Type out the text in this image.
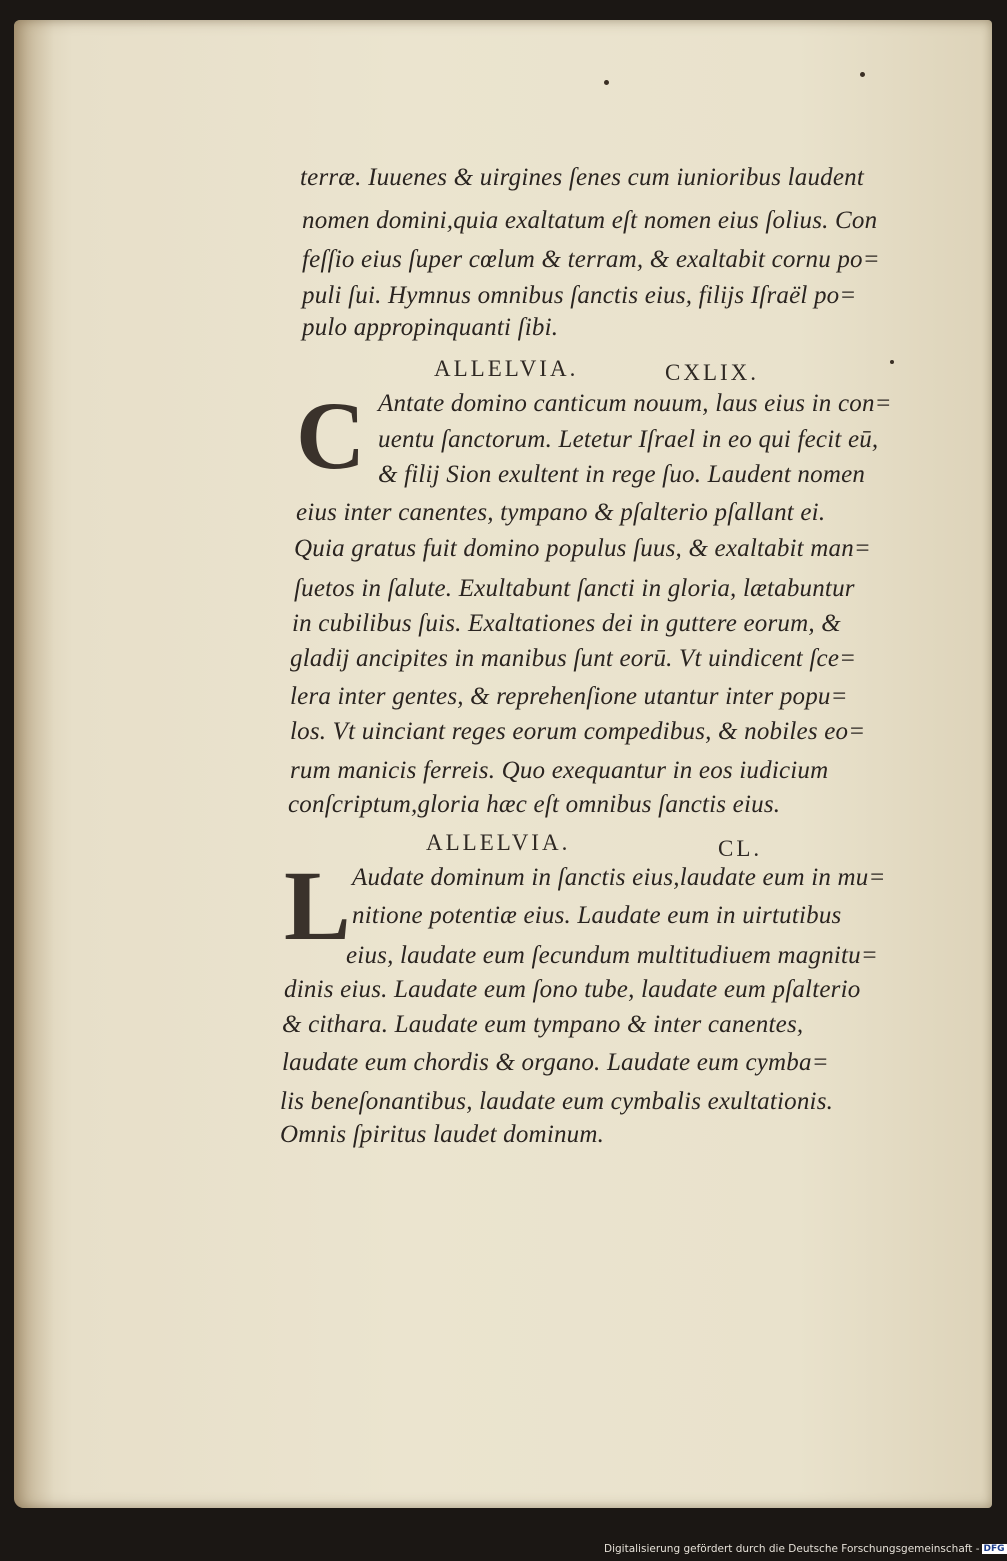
terræ. Iuuenes & uirgines ſenes cum iunioribus laudent
nomen domini,quia exaltatum eſt nomen eius ſolius. Con
feſſio eius ſuper cœlum & terram, & exaltabit cornu po=
puli ſui. Hymnus omnibus ſanctis eius, filijs Iſraël po=
pulo appropinquanti ſibi.
ALLELVIA.	CXLIX.
C Antate domino canticum nouum, laus eius in con=
uentu ſanctorum. Letetur Iſrael in eo qui fecit eū,
& filij Sion exultent in rege ſuo. Laudent nomen
eius inter canentes, tympano & pſalterio pſallant ei.
Quia gratus fuit domino populus ſuus, & exaltabit man=
ſuetos in ſalute. Exultabunt ſancti in gloria, lætabuntur
in cubilibus ſuis. Exaltationes dei in guttere eorum, &
gladij ancipites in manibus ſunt eorū. Vt uindicent ſce=
lera inter gentes, & reprehenſione utantur inter popu=
los. Vt uinciant reges eorum compedibus, & nobiles eo=
rum manicis ferreis. Quo exequantur in eos iudicium
conſcriptum,gloria hæc eſt omnibus ſanctis eius.
ALLELVIA.	CL.
L Audate dominum in ſanctis eius,laudate eum in mu=
nitione potentiæ eius. Laudate eum in uirtutibus
eius, laudate eum ſecundum multitudiuem magnitu=
dinis eius. Laudate eum ſono tube, laudate eum pſalterio
& cithara. Laudate eum tympano & inter canentes,
laudate eum chordis & organo. Laudate eum cymba=
lis beneſonantibus, laudate eum cymbalis exultationis.
Omnis ſpiritus laudet dominum.
Digitalisierung gefördert durch die Deutsche Forschungsgemeinschaft - DFG
